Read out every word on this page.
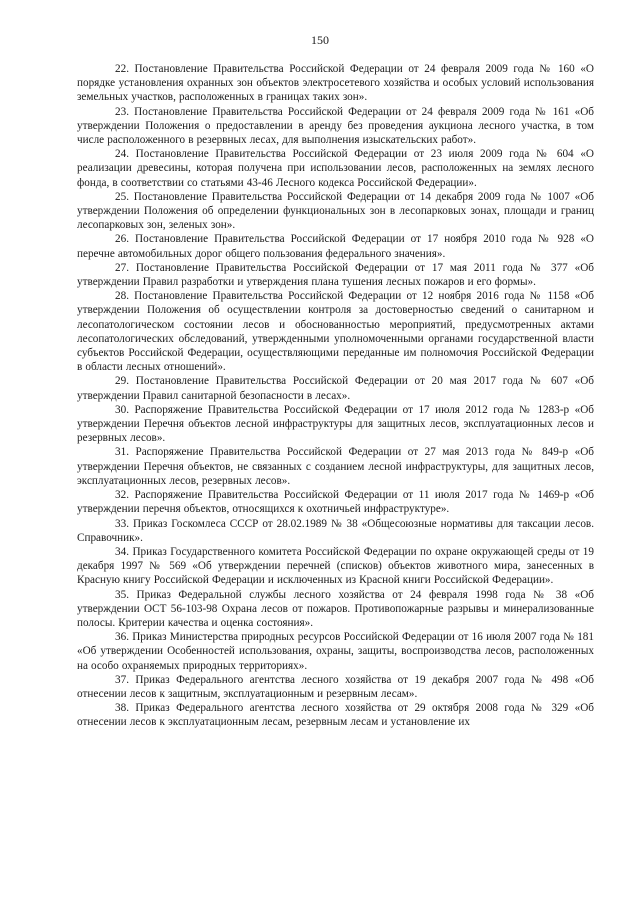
150

22. Постановление Правительства Российской Федерации от 24 февраля 2009 года № 160 «О порядке установления охранных зон объектов электросетевого хозяйства и особых условий использования земельных участков, расположенных в границах таких зон».

23. Постановление Правительства Российской Федерации от 24 февраля 2009 года № 161 «Об утверждении Положения о предоставлении в аренду без проведения аукциона лесного участка, в том числе расположенного в резервных лесах, для выполнения изыскательских работ».

24. Постановление Правительства Российской Федерации от 23 июля 2009 года № 604 «О реализации древесины, которая получена при использовании лесов, расположенных на землях лесного фонда, в соответствии со статьями 43-46 Лесного кодекса Российской Федерации».

25. Постановление Правительства Российской Федерации от 14 декабря 2009 года № 1007 «Об утверждении Положения об определении функциональных зон в лесопарковых зонах, площади и границ лесопарковых зон, зеленых зон».

26. Постановление Правительства Российской Федерации от 17 ноября 2010 года № 928 «О перечне автомобильных дорог общего пользования федерального значения».

27. Постановление Правительства Российской Федерации от 17 мая 2011 года № 377 «Об утверждении Правил разработки и утверждения плана тушения лесных пожаров и его формы».

28. Постановление Правительства Российской Федерации от 12 ноября 2016 года № 1158 «Об утверждении Положения об осуществлении контроля за достоверностью сведений о санитарном и лесопатологическом состоянии лесов и обоснованностью мероприятий, предусмотренных актами лесопатологических обследований, утвержденными уполномоченными органами государственной власти субъектов Российской Федерации, осуществляющими переданные им полномочия Российской Федерации в области лесных отношений».

29. Постановление Правительства Российской Федерации от 20 мая 2017 года № 607 «Об утверждении Правил санитарной безопасности в лесах».

30. Распоряжение Правительства Российской Федерации от 17 июля 2012 года № 1283-р «Об утверждении Перечня объектов лесной инфраструктуры для защитных лесов, эксплуатационных лесов и резервных лесов».

31. Распоряжение Правительства Российской Федерации от 27 мая 2013 года № 849-р «Об утверждении Перечня объектов, не связанных с созданием лесной инфраструктуры, для защитных лесов, эксплуатационных лесов, резервных лесов».

32. Распоряжение Правительства Российской Федерации от 11 июля 2017 года № 1469-р «Об утверждении перечня объектов, относящихся к охотничьей инфраструктуре».

33. Приказ Госкомлеса СССР от 28.02.1989 № 38 «Общесоюзные нормативы для таксации лесов. Справочник».

34. Приказ Государственного комитета Российской Федерации по охране окружающей среды от 19 декабря 1997 № 569 «Об утверждении перечней (списков) объектов животного мира, занесенных в Красную книгу Российской Федерации и исключенных из Красной книги Российской Федерации».

35. Приказ Федеральной службы лесного хозяйства от 24 февраля 1998 года № 38 «Об утверждении ОСТ 56-103-98 Охрана лесов от пожаров. Противопожарные разрывы и минерализованные полосы. Критерии качества и оценка состояния».

36. Приказ Министерства природных ресурсов Российской Федерации от 16 июля 2007 года № 181 «Об утверждении Особенностей использования, охраны, защиты, воспроизводства лесов, расположенных на особо охраняемых природных территориях».

37. Приказ Федерального агентства лесного хозяйства от 19 декабря 2007 года № 498 «Об отнесении лесов к защитным, эксплуатационным и резервным лесам».

38. Приказ Федерального агентства лесного хозяйства от 29 октября 2008 года № 329 «Об отнесении лесов к эксплуатационным лесам, резервным лесам и установление их
